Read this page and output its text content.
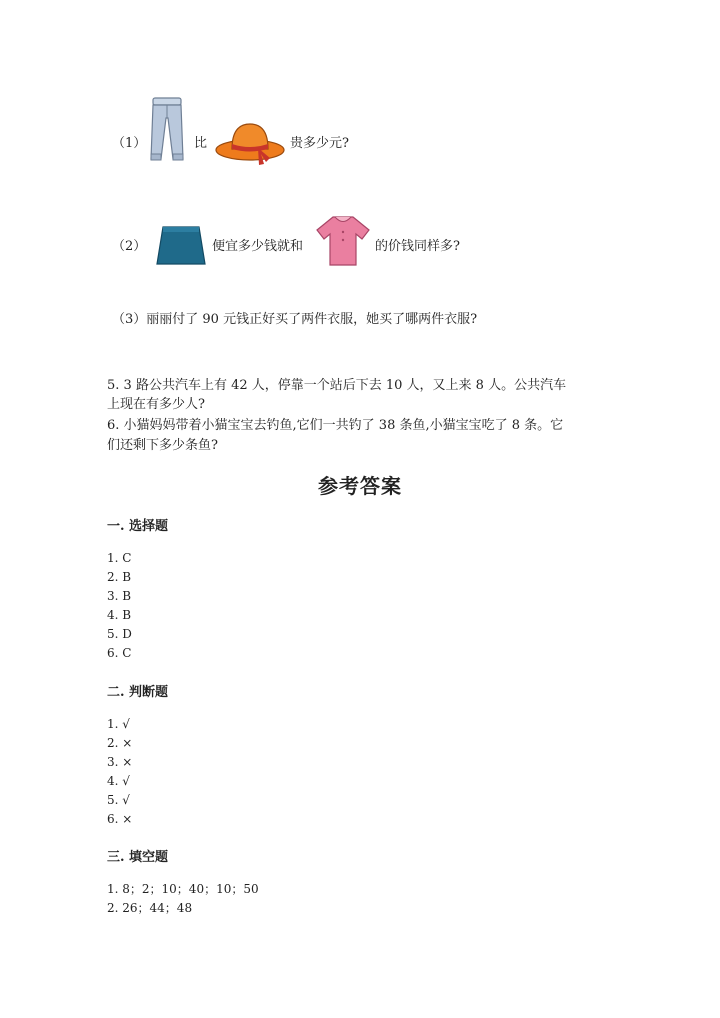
（1）	比	贵多少元?
（2）	便宜多少钱就和	的价钱同样多?
（3）丽丽付了 90 元钱正好买了两件衣服，她买了哪两件衣服?
5. 3 路公共汽车上有 42 人，停靠一个站后下去 10 人，又上来 8 人。公共汽车
上现在有多少人?
6. 小猫妈妈带着小猫宝宝去钓鱼,它们一共钓了 38 条鱼,小猫宝宝吃了 8 条。它
们还剩下多少条鱼?
参考答案
一. 选择题
1. C
2. B
3. B
4. B
5. D
6. C
二. 判断题
1. √
2. ×
3. ×
4. √
5. √
6. ×
三. 填空题
1. 8；2；10；40；10；50
2. 26；44；48
